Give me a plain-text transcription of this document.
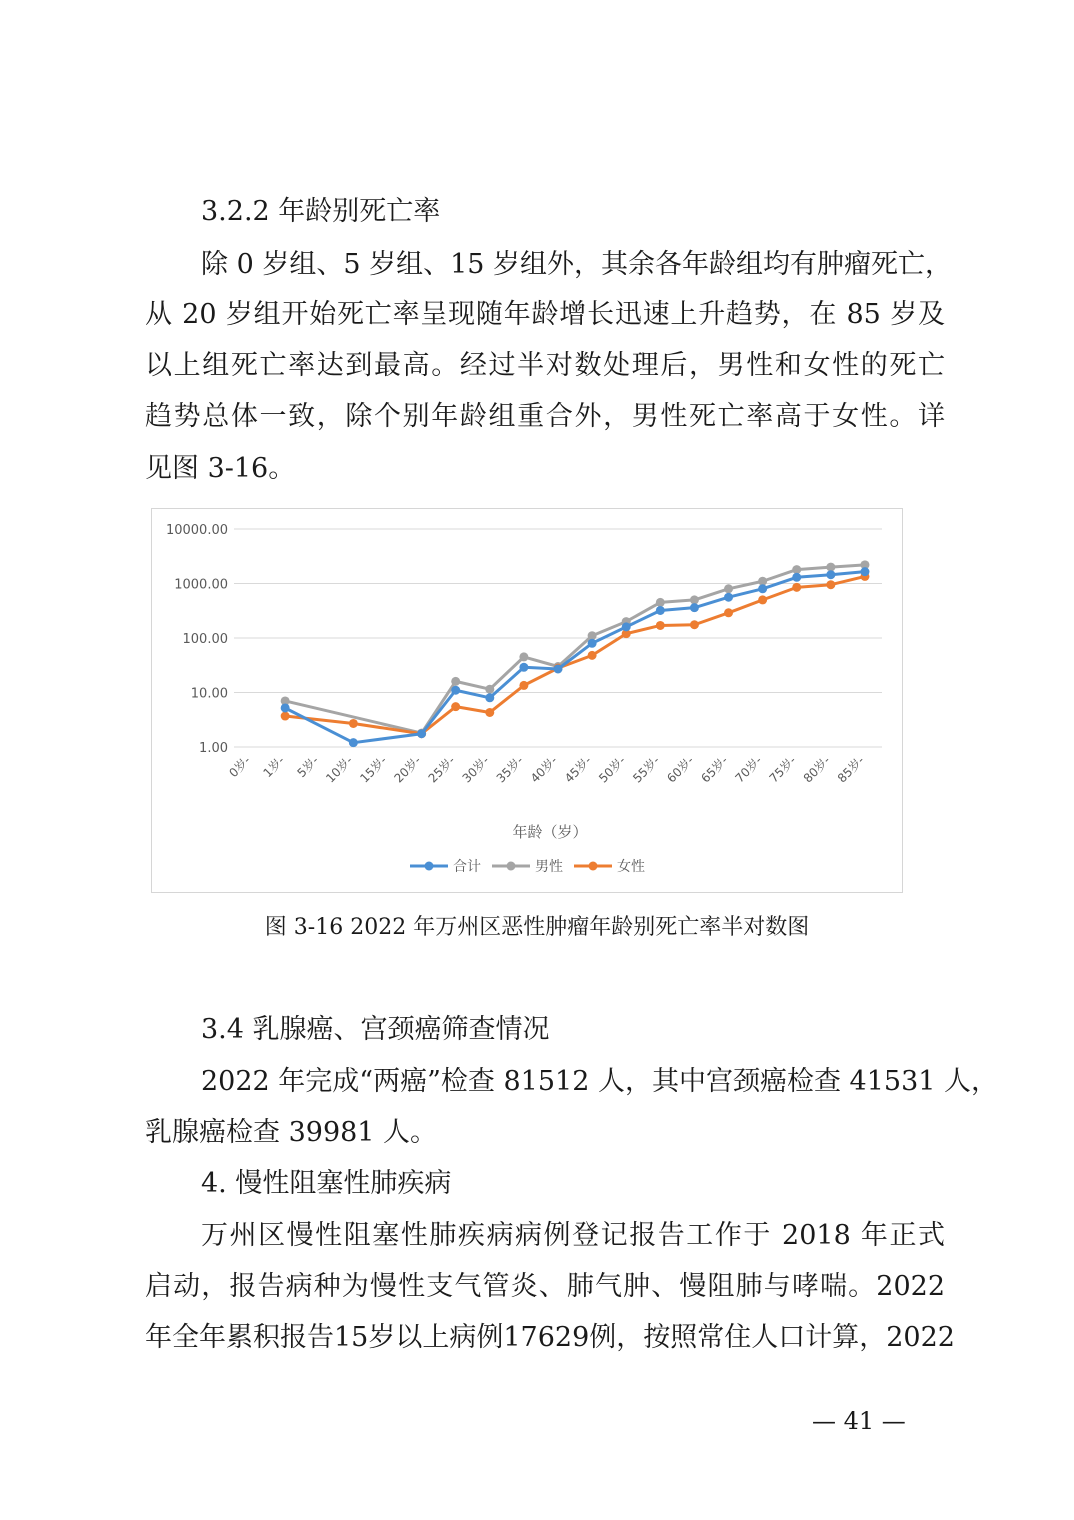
3.2.2 年龄别死亡率
除 0 岁组、5 岁组、15 岁组外，其余各年龄组均有肿瘤死亡，
从 20 岁组开始死亡率呈现随年龄增长迅速上升趋势，在 85 岁及
以上组死亡率达到最高。经过半对数处理后，男性和女性的死亡
趋势总体一致，除个别年龄组重合外，男性死亡率高于女性。详
见图 3-16。
1.00
10.00
100.00
1000.00
10000.00
0岁- 1岁- 5岁- 10岁- 15岁- 20岁- 25岁- 30岁- 35岁- 40岁- 45岁- 50岁- 55岁- 60岁- 65岁- 70岁- 75岁- 80岁- 85岁-
年龄（岁）
合计	男性	女性
图 3-16 2022 年万州区恶性肿瘤年龄别死亡率半对数图
3.4 乳腺癌、宫颈癌筛查情况
2022 年完成“两癌”检查 81512 人，其中宫颈癌检查 41531 人，
乳腺癌检查 39981 人。
4. 慢性阻塞性肺疾病
万州区慢性阻塞性肺疾病病例登记报告工作于 2018 年正式
启动，报告病种为慢性支气管炎、肺气肿、慢阻肺与哮喘。2022
年全年累积报告15岁以上病例17629例，按照常住人口计算，2022
— 41 —
